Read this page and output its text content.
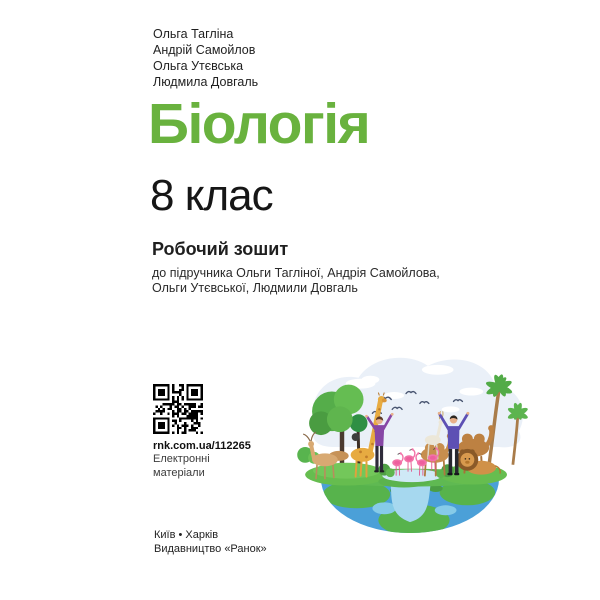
Ольга Тагліна
Андрій Самойлов
Ольга Утєвська
Людмила Довгаль
Біологія
8 клас
Робочий зошит
до підручника Ольги Тагліної, Андрія Самойлова,
Ольги Утєвської, Людмили Довгаль
rnk.com.ua/112265
Електронні
матеріали
Київ • Харків
Видавництво «Ранок»
